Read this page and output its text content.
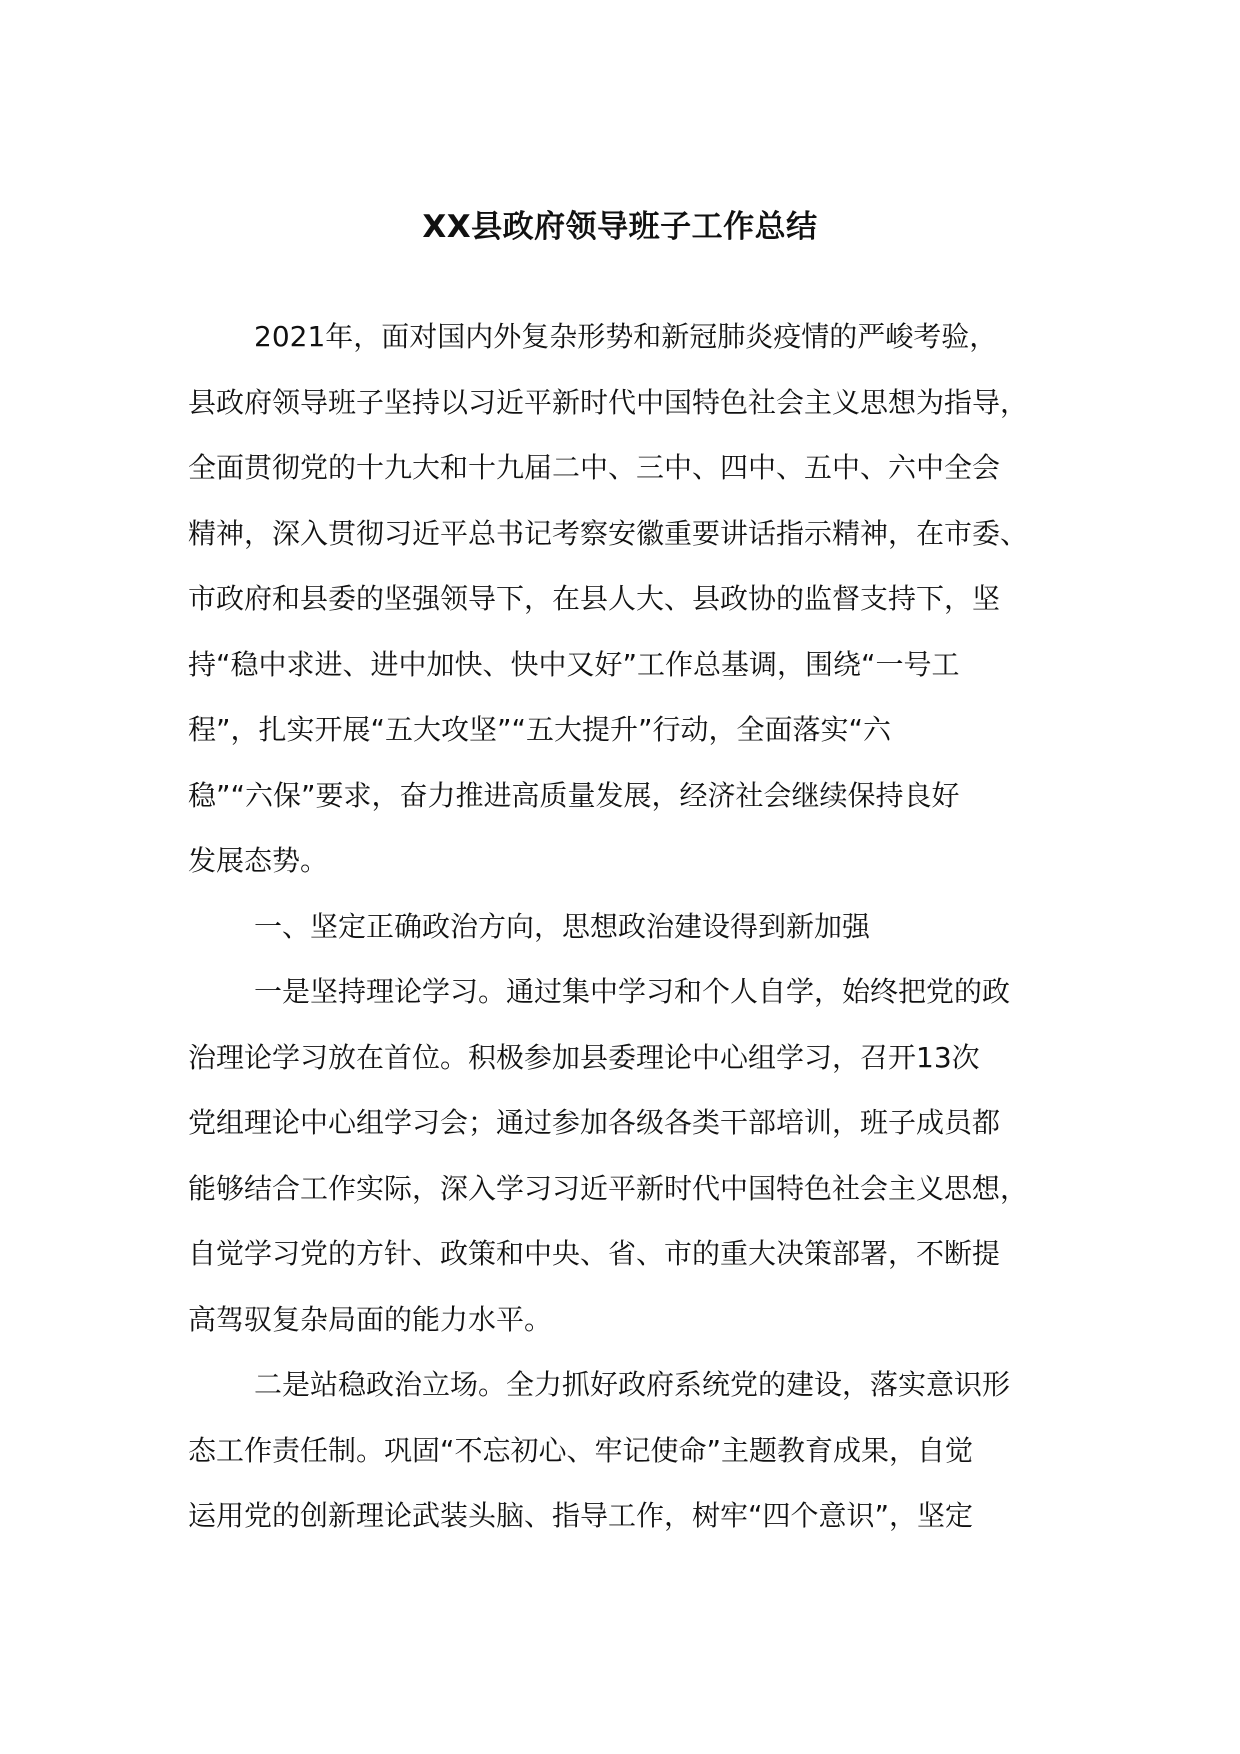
XX县政府领导班子工作总结

2021年，面对国内外复杂形势和新冠肺炎疫情的严峻考验，
县政府领导班子坚持以习近平新时代中国特色社会主义思想为指导，
全面贯彻党的十九大和十九届二中、三中、四中、五中、六中全会
精神，深入贯彻习近平总书记考察安徽重要讲话指示精神，在市委、
市政府和县委的坚强领导下，在县人大、县政协的监督支持下，坚
持“稳中求进、进中加快、快中又好”工作总基调，围绕“一号工
程”，扎实开展“五大攻坚”“五大提升”行动，全面落实“六
稳”“六保”要求，奋力推进高质量发展，经济社会继续保持良好
发展态势。

一、坚定正确政治方向，思想政治建设得到新加强

一是坚持理论学习。通过集中学习和个人自学，始终把党的政
治理论学习放在首位。积极参加县委理论中心组学习，召开13次
党组理论中心组学习会；通过参加各级各类干部培训，班子成员都
能够结合工作实际，深入学习习近平新时代中国特色社会主义思想，
自觉学习党的方针、政策和中央、省、市的重大决策部署，不断提
高驾驭复杂局面的能力水平。

二是站稳政治立场。全力抓好政府系统党的建设，落实意识形
态工作责任制。巩固“不忘初心、牢记使命”主题教育成果，自觉
运用党的创新理论武装头脑、指导工作，树牢“四个意识”，坚定
